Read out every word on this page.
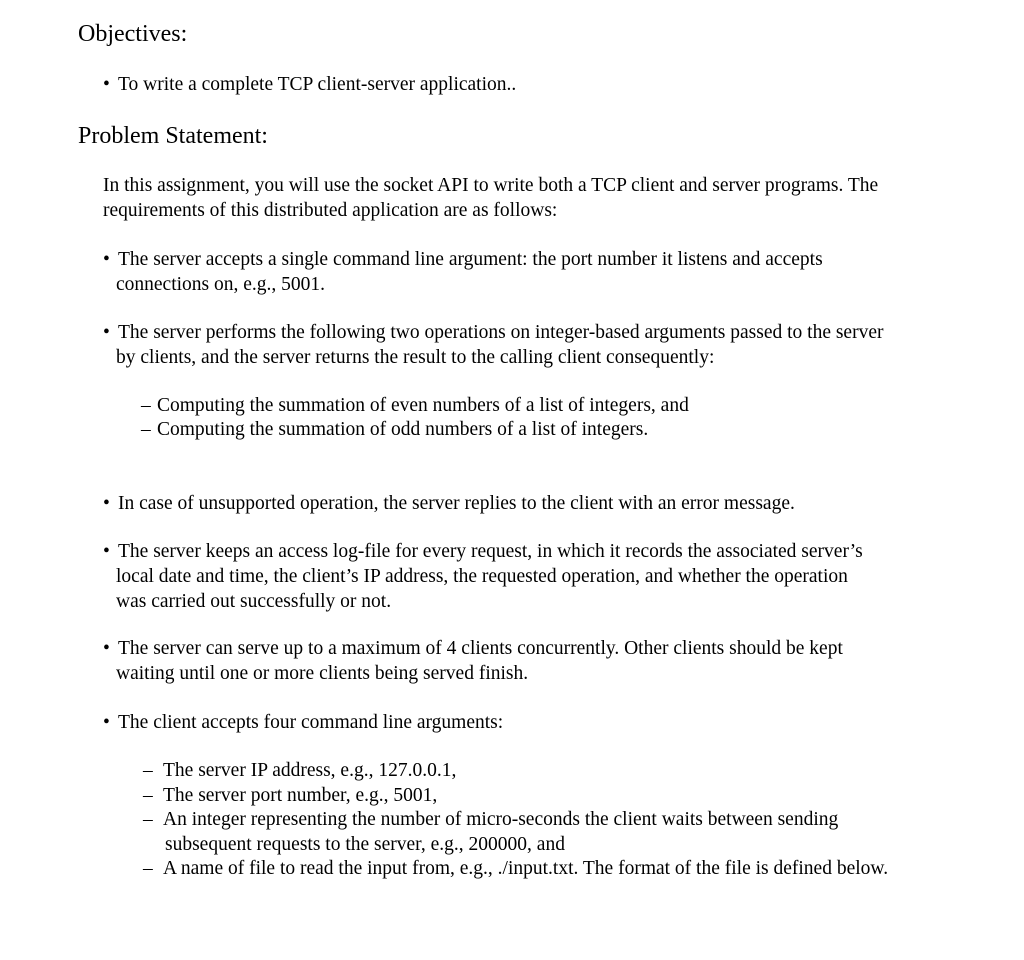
Objectives:
• To write a complete TCP client-server application..
Problem Statement:
In this assignment, you will use the socket API to write both a TCP client and server programs. The
requirements of this distributed application are as follows:
• The server accepts a single command line argument: the port number it listens and accepts
connections on, e.g., 5001.
• The server performs the following two operations on integer-based arguments passed to the server
by clients, and the server returns the result to the calling client consequently:
– Computing the summation of even numbers of a list of integers, and
– Computing the summation of odd numbers of a list of integers.
• In case of unsupported operation, the server replies to the client with an error message.
• The server keeps an access log-file for every request, in which it records the associated server’s
local date and time, the client’s IP address, the requested operation, and whether the operation
was carried out successfully or not.
• The server can serve up to a maximum of 4 clients concurrently. Other clients should be kept
waiting until one or more clients being served finish.
• The client accepts four command line arguments:
– The server IP address, e.g., 127.0.0.1,
– The server port number, e.g., 5001,
– An integer representing the number of micro-seconds the client waits between sending
subsequent requests to the server, e.g., 200000, and
– A name of file to read the input from, e.g., ./input.txt. The format of the file is defined below.
